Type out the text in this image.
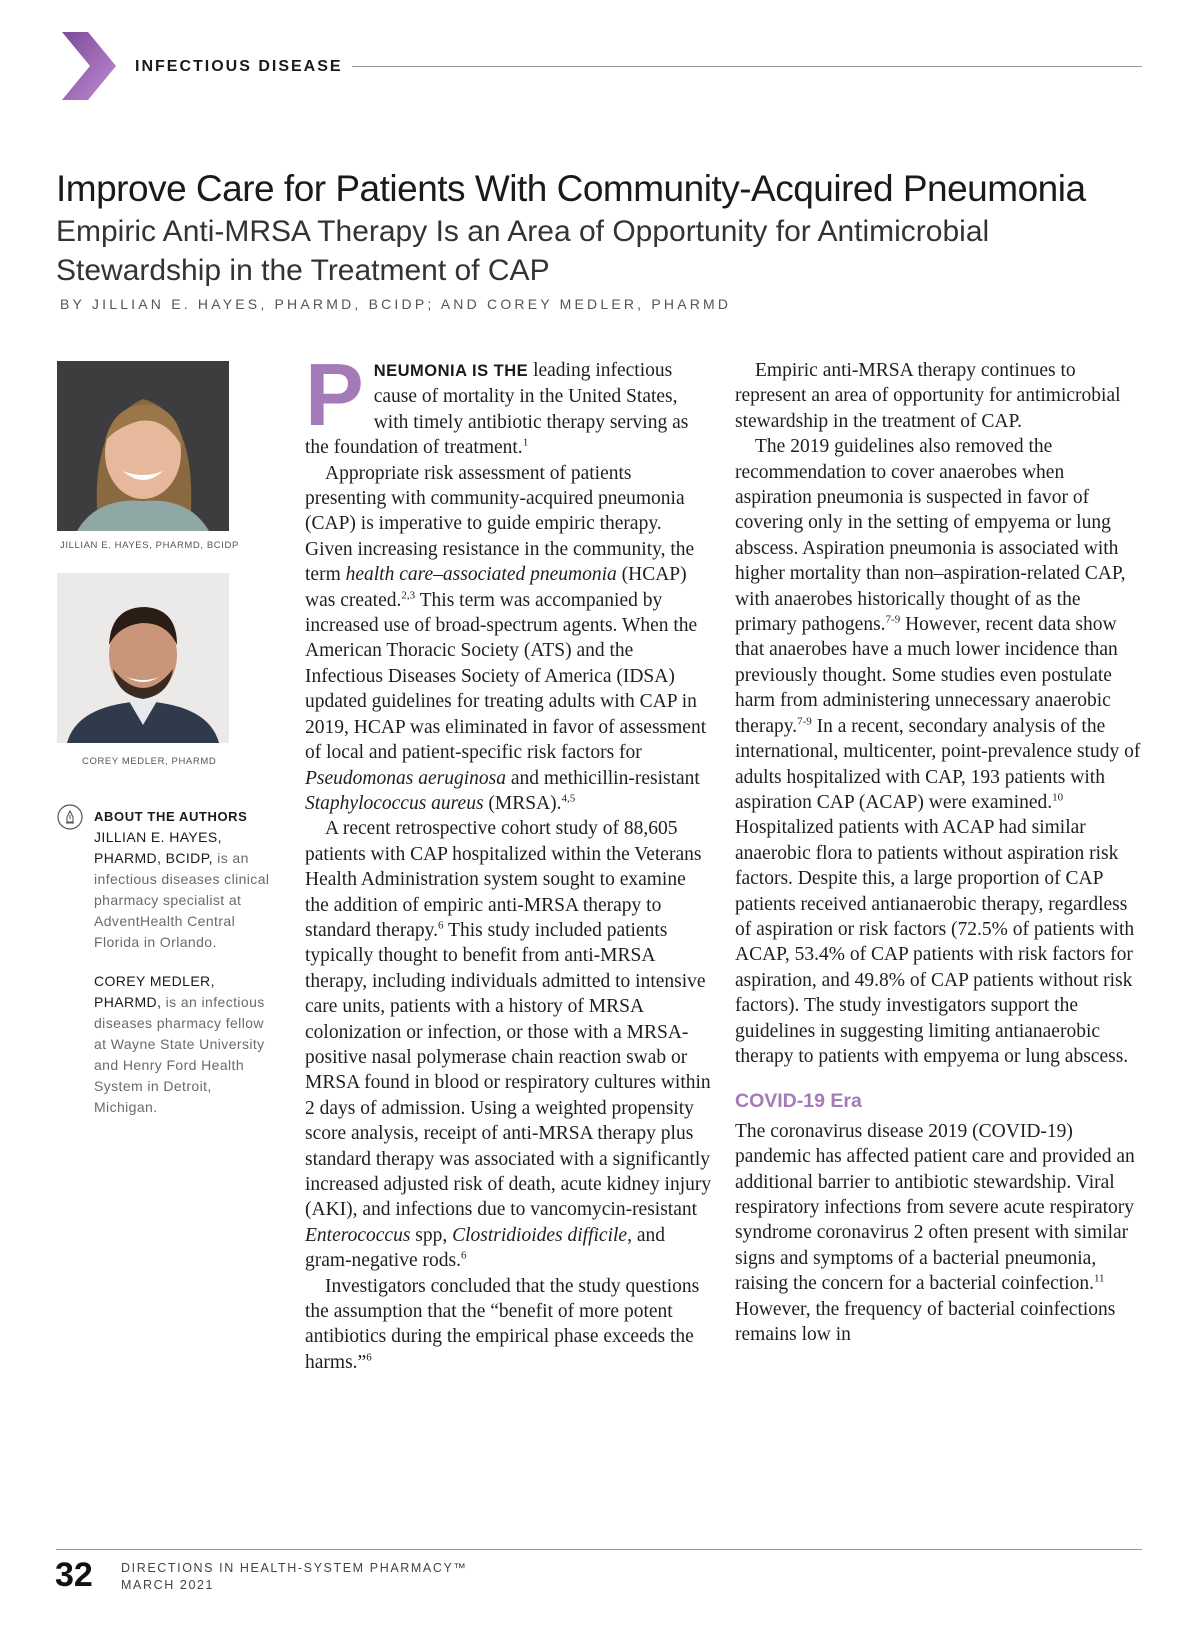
INFECTIOUS DISEASE
Improve Care for Patients With Community-Acquired Pneumonia
Empiric Anti-MRSA Therapy Is an Area of Opportunity for Antimicrobial Stewardship in the Treatment of CAP
BY JILLIAN E. HAYES, PHARMD, BCIDP; AND COREY MEDLER, PHARMD
JILLIAN E. HAYES, PHARMD, BCIDP
COREY MEDLER, PHARMD
ABOUT THE AUTHORS

JILLIAN E. HAYES, PHARMD, BCIDP, is an infectious diseases clinical pharmacy specialist at AdventHealth Central Florida in Orlando.

COREY MEDLER, PHARMD, is an infectious diseases pharmacy fellow at Wayne State University and Henry Ford Health System in Detroit, Michigan.

PNEUMONIA IS THE leading infectious cause of mortality in the United States, with timely antibiotic therapy serving as the foundation of treatment.$^1$

Appropriate risk assessment of patients presenting with community-acquired pneumonia (CAP) is imperative to guide empiric therapy. Given increasing resistance in the community, the term health care–associated pneumonia (HCAP) was created.$^{2,3}$ This term was accompanied by increased use of broad-spectrum agents. When the American Thoracic Society (ATS) and the Infectious Diseases Society of America (IDSA) updated guidelines for treating adults with CAP in 2019, HCAP was eliminated in favor of assessment of local and patient-specific risk factors for Pseudomonas aeruginosa and methicillin-resistant Staphylococcus aureus (MRSA).$^{4,5}$

A recent retrospective cohort study of 88,605 patients with CAP hospitalized within the Veterans Health Administration system sought to examine the addition of empiric anti-MRSA therapy to standard therapy.$^6$ This study included patients typically thought to benefit from anti-MRSA therapy, including individuals admitted to intensive care units, patients with a history of MRSA colonization or infection, or those with a MRSA-positive nasal polymerase chain reaction swab or MRSA found in blood or respiratory cultures within 2 days of admission. Using a weighted propensity score analysis, receipt of anti-MRSA therapy plus standard therapy was associated with a significantly increased adjusted risk of death, acute kidney injury (AKI), and infections due to vancomycin-resistant Enterococcus spp, Clostridioides difficile, and gram-negative rods.$^6$

Investigators concluded that the study questions the assumption that the “benefit of more potent antibiotics during the empirical phase exceeds the harms.”$^6$

Empiric anti-MRSA therapy continues to represent an area of opportunity for antimicrobial stewardship in the treatment of CAP.

The 2019 guidelines also removed the recommendation to cover anaerobes when aspiration pneumonia is suspected in favor of covering only in the setting of empyema or lung abscess. Aspiration pneumonia is associated with higher mortality than non–aspiration-related CAP, with anaerobes historically thought of as the primary pathogens.$^{7-9}$ However, recent data show that anaerobes have a much lower incidence than previously thought. Some studies even postulate harm from administering unnecessary anaerobic therapy.$^{7-9}$ In a recent, secondary analysis of the international, multicenter, point-prevalence study of adults hospitalized with CAP, 193 patients with aspiration CAP (ACAP) were examined.$^{10}$ Hospitalized patients with ACAP had similar anaerobic flora to patients without aspiration risk factors. Despite this, a large proportion of CAP patients received antianaerobic therapy, regardless of aspiration or risk factors (72.5% of patients with ACAP, 53.4% of CAP patients with risk factors for aspiration, and 49.8% of CAP patients without risk factors). The study investigators support the guidelines in suggesting limiting antianaerobic therapy to patients with empyema or lung abscess.

COVID-19 Era

The coronavirus disease 2019 (COVID-19) pandemic has affected patient care and provided an additional barrier to antibiotic stewardship. Viral respiratory infections from severe acute respiratory syndrome coronavirus 2 often present with similar signs and symptoms of a bacterial pneumonia, raising the concern for a bacterial coinfection.$^{11}$ However, the frequency of bacterial coinfections remains low in

32 DIRECTIONS IN HEALTH-SYSTEM PHARMACY™
MARCH 2021
